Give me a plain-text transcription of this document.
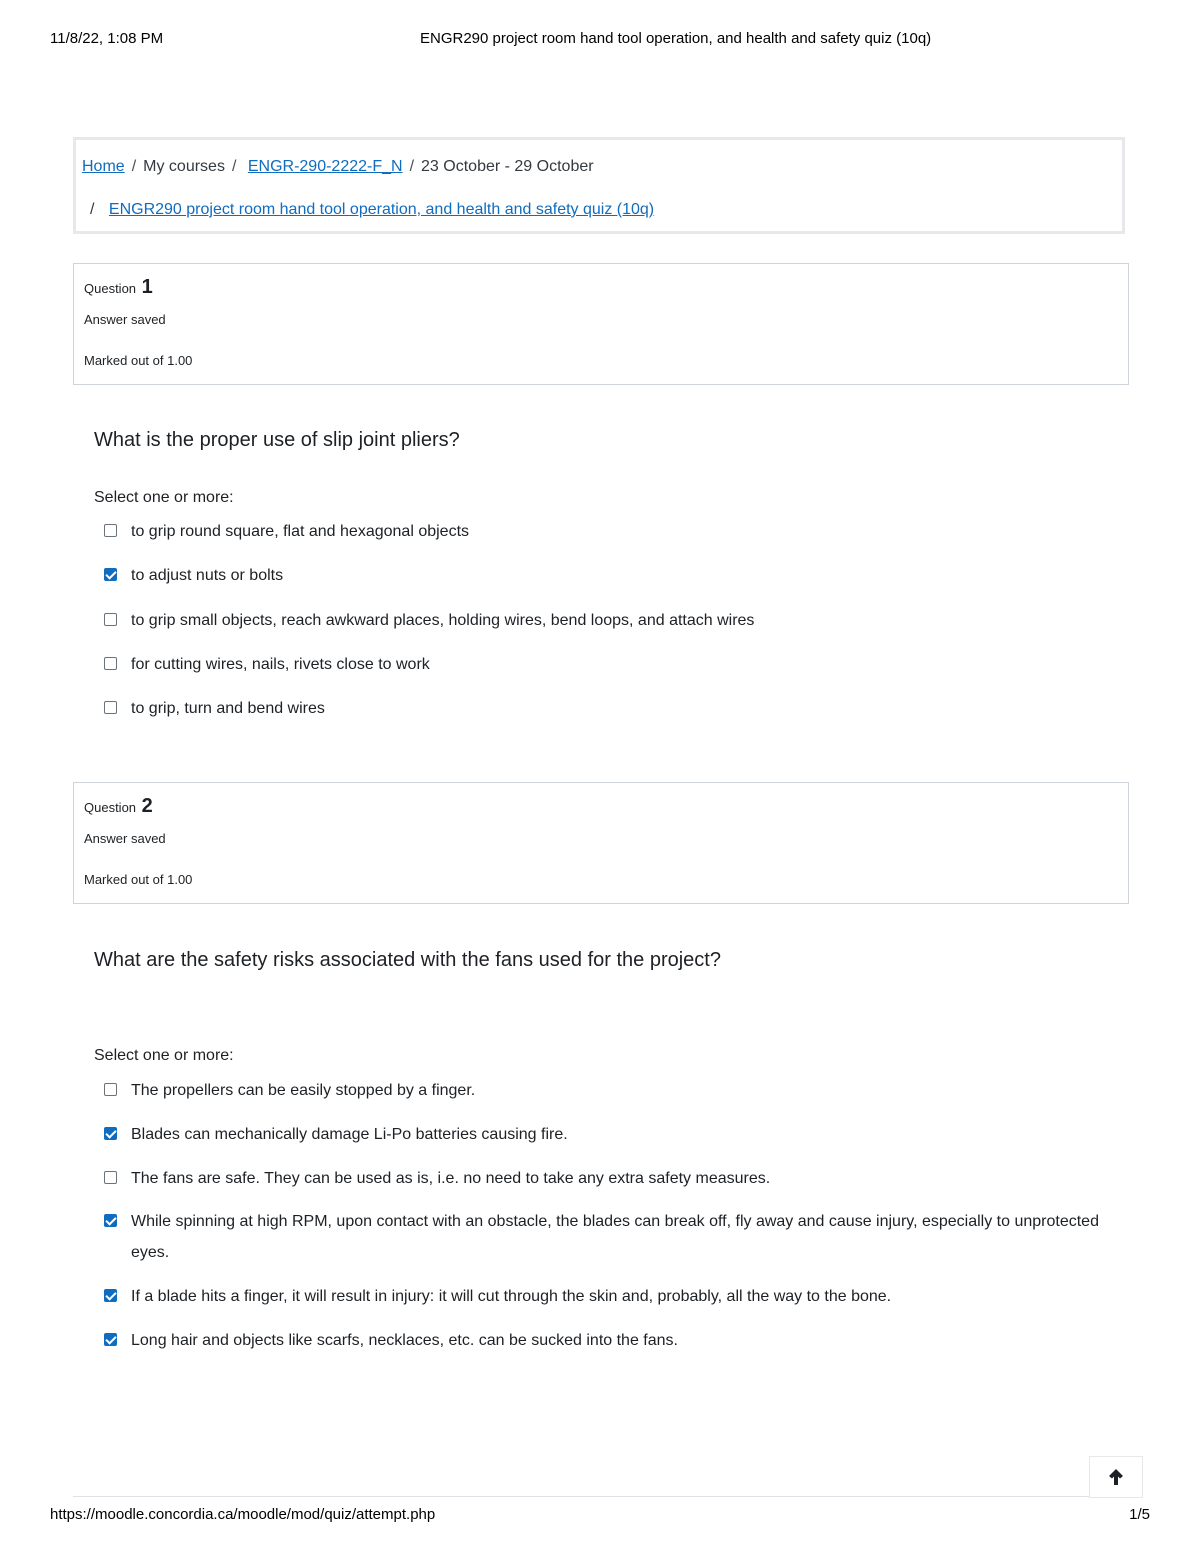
11/8/22, 1:08 PM	ENGR290 project room hand tool operation, and health and safety quiz (10q)
Home / My courses / ENGR-290-2222-F_N / 23 October - 29 October
/ ENGR290 project room hand tool operation, and health and safety quiz (10q)
Question 1
Answer saved
Marked out of 1.00
What is the proper use of slip joint pliers?
Select one or more:
to grip round square, flat and hexagonal objects
to adjust nuts or bolts
to grip small objects, reach awkward places, holding wires, bend loops, and attach wires
for cutting wires, nails, rivets close to work
to grip, turn and bend wires
Question 2
Answer saved
Marked out of 1.00
What are the safety risks associated with the fans used for the project?
Select one or more:
The propellers can be easily stopped by a finger.
Blades can mechanically damage Li-Po batteries causing fire.
The fans are safe. They can be used as is, i.e. no need to take any extra safety measures.
While spinning at high RPM, upon contact with an obstacle, the blades can break off, fly away and cause injury, especially to unprotected eyes.
If a blade hits a finger, it will result in injury: it will cut through the skin and, probably, all the way to the bone.
Long hair and objects like scarfs, necklaces, etc. can be sucked into the fans.
https://moodle.concordia.ca/moodle/mod/quiz/attempt.php	1/5
